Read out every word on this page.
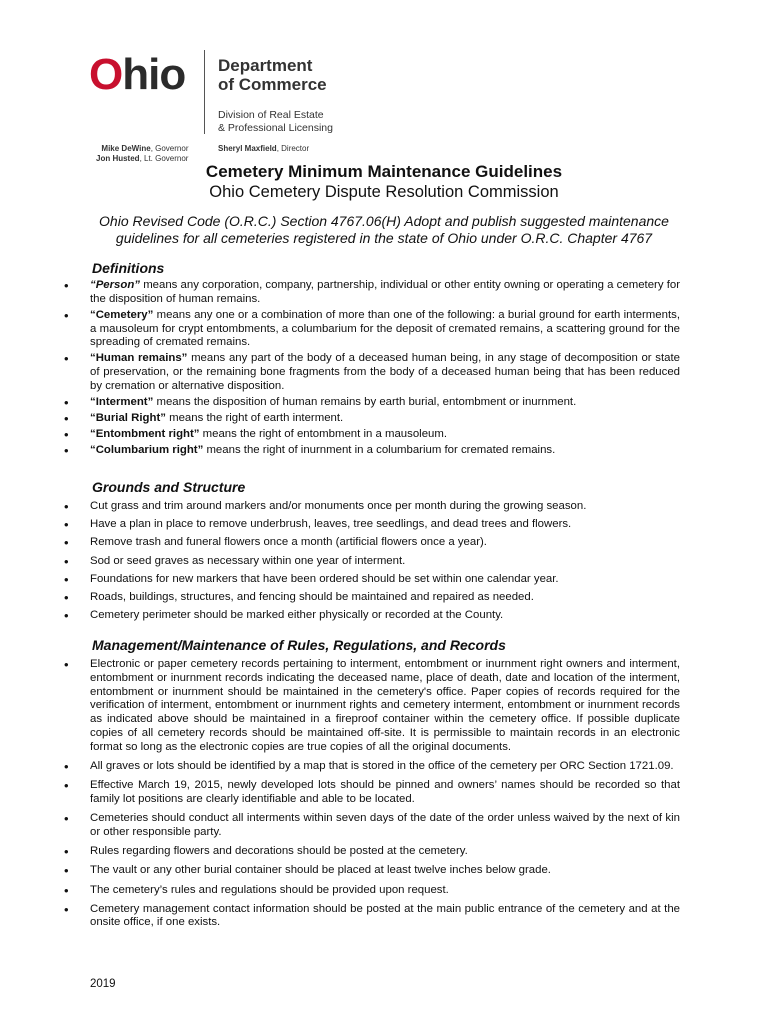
Ohio Department
of Commerce
Division of Real Estate
& Professional Licensing
Mike DeWine, Governor
Jon Husted, Lt. Governor
Sheryl Maxfield, Director
Cemetery Minimum Maintenance Guidelines
Ohio Cemetery Dispute Resolution Commission
Ohio Revised Code (O.R.C.) Section 4767.06(H) Adopt and publish suggested maintenance guidelines for all cemeteries registered in the state of Ohio under O.R.C. Chapter 4767
Definitions
• “Person” means any corporation, company, partnership, individual or other entity owning or operating a cemetery for the disposition of human remains.
• “Cemetery” means any one or a combination of more than one of the following: a burial ground for earth interments, a mausoleum for crypt entombments, a columbarium for the deposit of cremated remains, a scattering ground for the spreading of cremated remains.
• “Human remains” means any part of the body of a deceased human being, in any stage of decomposition or state of preservation, or the remaining bone fragments from the body of a deceased human being that has been reduced by cremation or alternative disposition.
• “Interment” means the disposition of human remains by earth burial, entombment or inurnment.
• “Burial Right” means the right of earth interment.
• “Entombment right” means the right of entombment in a mausoleum.
• “Columbarium right” means the right of inurnment in a columbarium for cremated remains.
Grounds and Structure
• Cut grass and trim around markers and/or monuments once per month during the growing season.
• Have a plan in place to remove underbrush, leaves, tree seedlings, and dead trees and flowers.
• Remove trash and funeral flowers once a month (artificial flowers once a year).
• Sod or seed graves as necessary within one year of interment.
• Foundations for new markers that have been ordered should be set within one calendar year.
• Roads, buildings, structures, and fencing should be maintained and repaired as needed.
• Cemetery perimeter should be marked either physically or recorded at the County.
Management/Maintenance of Rules, Regulations, and Records
• Electronic or paper cemetery records pertaining to interment, entombment or inurnment right owners and interment, entombment or inurnment records indicating the deceased name, place of death, date and location of the interment, entombment or inurnment should be maintained in the cemetery's office. Paper copies of records required for the verification of interment, entombment or inurnment rights and cemetery interment, entombment or inurnment records as indicated above should be maintained in a fireproof container within the cemetery office. If possible duplicate copies of all cemetery records should be maintained off-site. It is permissible to maintain records in an electronic format so long as the electronic copies are true copies of all the original documents.
• All graves or lots should be identified by a map that is stored in the office of the cemetery per ORC Section 1721.09.
• Effective March 19, 2015, newly developed lots should be pinned and owners’ names should be recorded so that family lot positions are clearly identifiable and able to be located.
• Cemeteries should conduct all interments within seven days of the date of the order unless waived by the next of kin or other responsible party.
• Rules regarding flowers and decorations should be posted at the cemetery.
• The vault or any other burial container should be placed at least twelve inches below grade.
• The cemetery’s rules and regulations should be provided upon request.
• Cemetery management contact information should be posted at the main public entrance of the cemetery and at the onsite office, if one exists.
2019
